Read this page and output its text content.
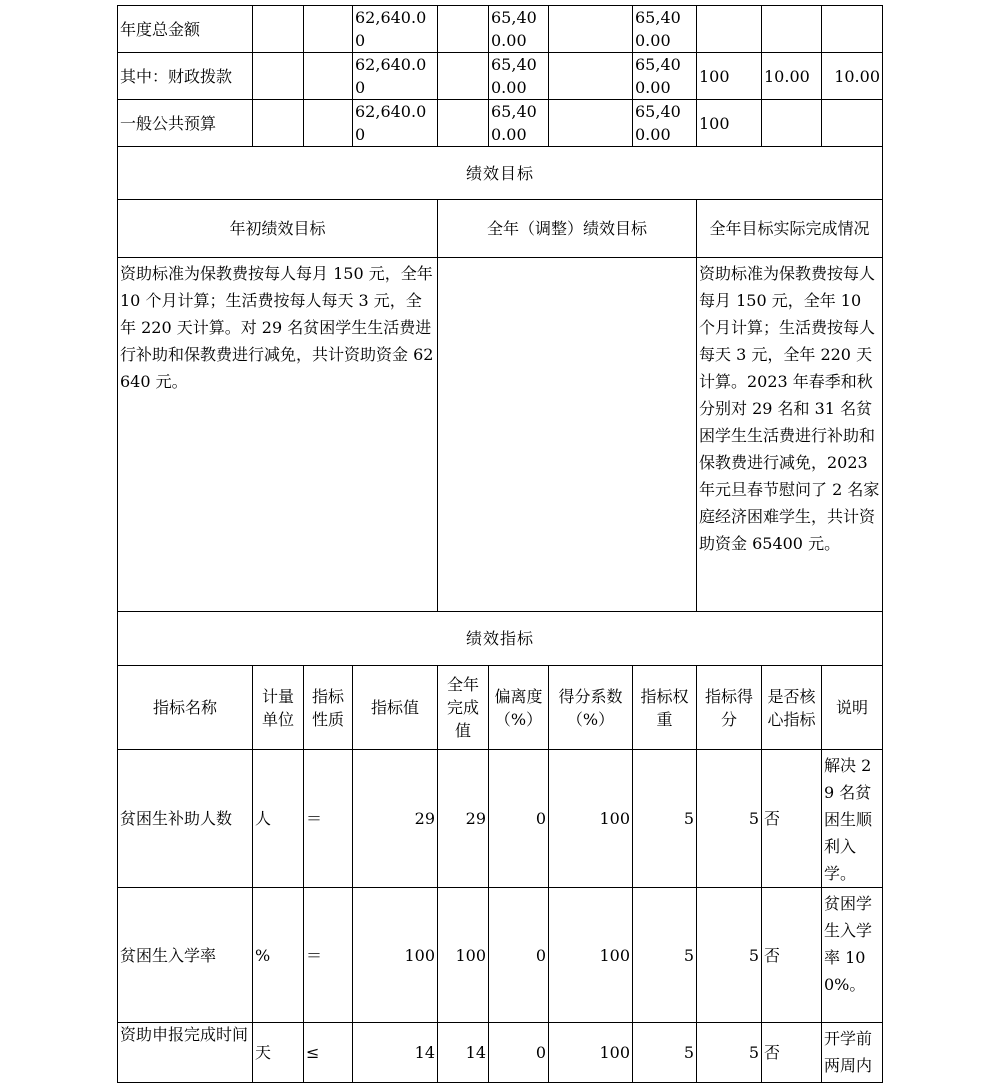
年度总金额			62,640.00		65,400.00		65,400.00			
其中：财政拨款			62,640.00		65,400.00		65,400.00	100	10.00	10.00
一般公共预算			62,640.00		65,400.00		65,400.00	100		
绩效目标										
年初绩效目标				全年（调整）绩效目标				全年目标实际完成情况		
资助标准为保教费按每人每月 150 元，全年 10 个月计算；生活费按每人每天 3 元，全年 220 天计算。对 29 名贫困学生生活费进行补助和保教费进行减免，共计资助资金 62640 元。								资助标准为保教费按每人每月 150 元，全年 10 个月计算；生活费按每人每天 3 元，全年 220 天计算。2023 年春季和秋分别对 29 名和 31 名贫困学生生活费进行补助和保教费进行减免，2023 年元旦春节慰问了 2 名家庭经济困难学生，共计资助资金 65400 元。		
绩效指标										
指标名称	计量单位	指标性质	指标值	全年完成值	偏离度（%）	得分系数（%）	指标权重	指标得分	是否核心指标	说明
贫困生补助人数	人	＝	29	29	0	100	5	5	否	解决 29 名贫困生顺利入学。
贫困生入学率	%	＝	100	100	0	100	5	5	否	贫困学生入学率 100%。
资助申报完成时间	天	≤	14	14	0	100	5	5	否	开学前两周内
